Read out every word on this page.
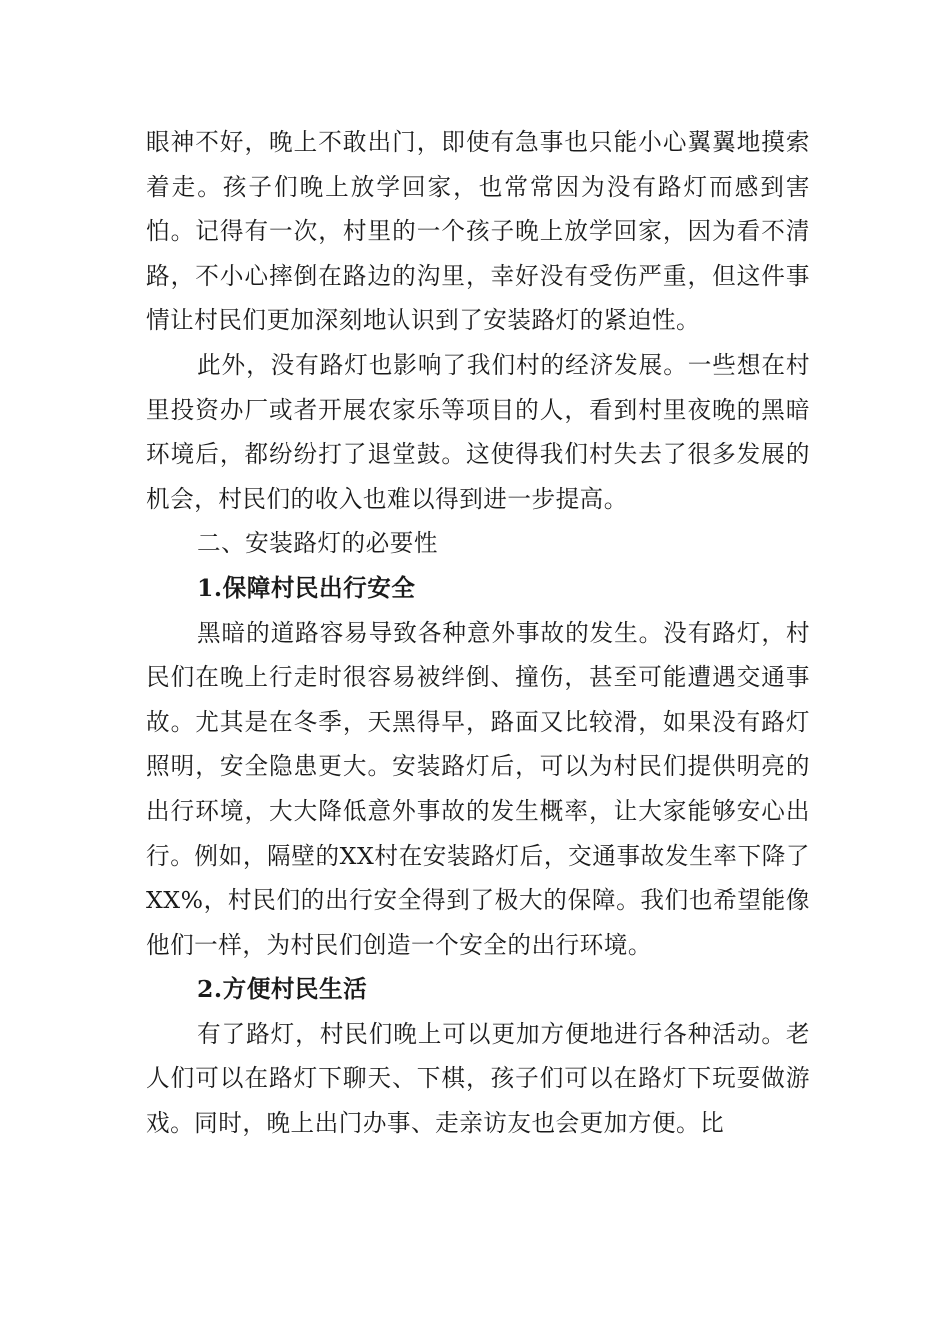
眼神不好，晚上不敢出门，即使有急事也只能小心翼翼地摸索着走。孩子们晚上放学回家，也常常因为没有路灯而感到害怕。记得有一次，村里的一个孩子晚上放学回家，因为看不清路，不小心摔倒在路边的沟里，幸好没有受伤严重，但这件事情让村民们更加深刻地认识到了安装路灯的紧迫性。

此外，没有路灯也影响了我们村的经济发展。一些想在村里投资办厂或者开展农家乐等项目的人，看到村里夜晚的黑暗环境后，都纷纷打了退堂鼓。这使得我们村失去了很多发展的机会，村民们的收入也难以得到进一步提高。

二、安装路灯的必要性

1.保障村民出行安全

黑暗的道路容易导致各种意外事故的发生。没有路灯，村民们在晚上行走时很容易被绊倒、撞伤，甚至可能遭遇交通事故。尤其是在冬季，天黑得早，路面又比较滑，如果没有路灯照明，安全隐患更大。安装路灯后，可以为村民们提供明亮的出行环境，大大降低意外事故的发生概率，让大家能够安心出行。例如，隔壁的XX村在安装路灯后，交通事故发生率下降了XX%，村民们的出行安全得到了极大的保障。我们也希望能像他们一样，为村民们创造一个安全的出行环境。

2.方便村民生活

有了路灯，村民们晚上可以更加方便地进行各种活动。老人们可以在路灯下聊天、下棋，孩子们可以在路灯下玩耍做游戏。同时，晚上出门办事、走亲访友也会更加方便。比
